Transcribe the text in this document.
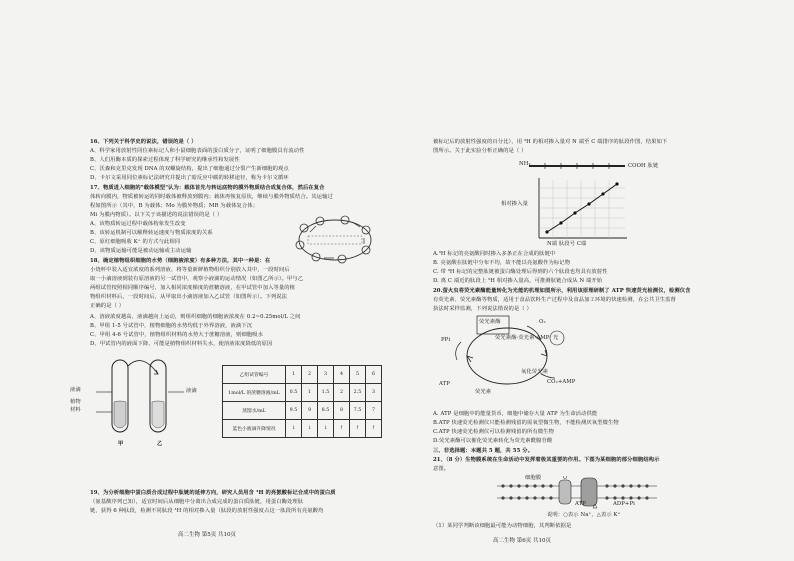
16、下列关于科学史的说法，错误的是（ ）
A、科学家用放射性同位素标记人和小鼠细胞表面的蛋白质分子，证明了细胞膜具有流动性
B、人们用酶本质的探索过程体现了科学研究的继承性和发展性
C、沃森和克里克发现 DNA 的双螺旋结构，提出了细胞通过分裂产生新细胞的观点
D、卡尔文采用同位素标记法研究并提出了暗反应中碳的转移途径，称为卡尔文循环
17、物质进入细胞的"载体模型"认为：载体首先与转运底物的膜外物质结合成复合体，然后在复合
体转向膜内，物质被转运的同时载体被释放到膜内；载体再恢复原状，继续与膜外物质结合。其运输过
程如图所示（其中，B 为载体；Mo 为膜外物质；MR 为载体复合体；
Mi 为膜内物质）。以下关于该描述的说法错误的是（ ）
A、该物质转运过程中载体构象发生改变
B、该转运机制可以解释转运速度与物质浓度的关系
C、原红细胞吸收 K⁺ 的方式与此相同
D、该物质运输可能是被动运输或主动运输
18、确定植物组织细胞的水势（细胞液浓度）有多种方法，其中一种是：在
小烧杯中装入适宜浓度的系列溶液，将等量新鲜植物组织分别放入其中，一段时间后
取一小滴溶液到装有原溶液的另一试管中，观察小液滴的运动情况（如图乙所示）。甲与乙
两组试管按照相同顺序编号，加入相同浓度梯度的蔗糖溶液，在甲试管中加入等量的植
物组织材料后，一段时间后，从甲取出小滴溶液加入乙试管（如图所示）。下列说法
正确的是（ ）
A、溶液浓度越高，液滴越向上运动，则组织细胞的细胞液浓度在 0.2~0.25mol/L 之间
B、甲组 1-5 号试管中，植物细胞的水势均低于外界溶液，液滴下沉
C、甲组 4-6 号试管中，植物组织材料的水势大于蔗糖溶液，则细胞吸水
D、甲试管内的液面下降，可能是植物组织材料失水，使溶液浓度降低的原因
液滴
植物
材料
液滴
甲	乙
乙组试管编号	1	2	3	4	5	6
1mol/L 的蔗糖溶液/mL	0.5	1	1.5	2	2.5	3
蒸馏水/mL	9.5	9	8.5	8	7.5	7
蓝色小液滴升降情况	↓	↓	↓	↑	↑	↑
19、为分析细胞中蛋白质合成过程中肽链的延伸方向，研究人员用含 ³H 的亮氨酸标记合成中的蛋白质
（氨基酸序列已知），适宜时间后从细胞中分离出合成完成的蛋白质肽链，用蛋白酶处理肽
链，获得 6 种肽段，检测不同肽段 ³H 的相对掺入量（肽段的放射性强度占这一肽段所有亮氨酸均
高二生物 第5页 共10页
被标记后的放射性强度的百分比），用 ³H 的相对掺入量对 N 端至 C 端排序的肽段作图，结果如下
图所示。关于此实验分析正确的是（ ）
NH₂	COOH 肽链
N端 肽段号 C端
相对掺入量
A.³H 标记的亮氨酸同时掺入多条正在合成的肽链中
B. 亮氨酸在肽链中分布不均，故不能以亮氨酸作为标记物
C. 带 ³H 标记的完整肽链被蛋白酶处理后得到的六个肽段也均具有放射性
D. 离 C 端近的肽段上 ³H 相对掺入量高，可推测肽链合成从 N 端开始
20.萤火虫将荧光素酶能量转化为光能的机理如图所示，利用该原理研制了 ATP 快速荧光检测仪，检测仪含
有荧光素、荧光素酶等物质，适用于食品饮料生产过程中及食品加工环境的快速检测，在公共卫生监督
执法时采样监测，下列说法错误的是（ ）
荧光素酶
荧光素酶·荧光素·AMP
O₂
光
PPi
ATP
荧光素
氧化荧光素
CO₂+AMP
A. ATP 是细胞中的能量货币，细胞中储存大量 ATP 为生命活动供能
B.ATP 快速荧光检测仪只能检测残留的需氧型微生物，不能检测厌氧型微生物
C.ATP 快速荧光检测仪可以检测残留的所有微生物
D.荧光素酶可以催化荧光素转化为荧光素酰腺苷酸
三、非选择题：本题共 5 题，共 55 分。
21、（8 分）生物膜系统在生命活动中发挥着极其重要的作用。下图为某细胞的部分细胞结构示
意图。
细胞膜
ATP	ADP+Pi
说明：○表示 Na⁺，△表示 K⁺
（1）某同学判断该细胞最可能为动物细胞，其判断依据是
高二生物 第6页 共10页
